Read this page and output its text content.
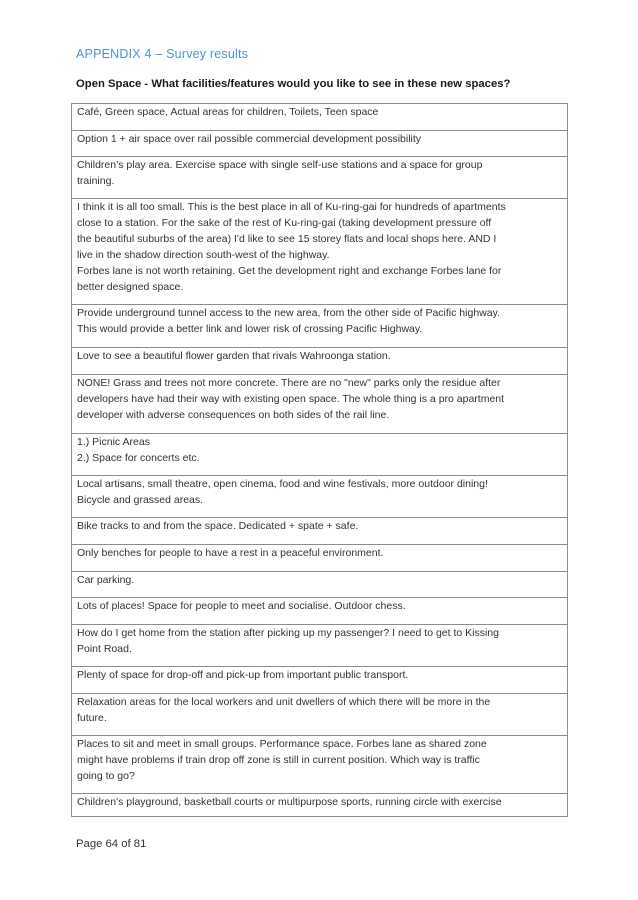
APPENDIX 4 – Survey results
Open Space - What facilities/features would you like to see in these new spaces?
Café, Green space, Actual areas for children, Toilets, Teen space
Option 1 + air space over rail possible commercial development possibility
Children’s play area. Exercise space with single self-use stations and a space for group
training.
I think it is all too small. This is the best place in all of Ku-ring-gai for hundreds of apartments
close to a station. For the sake of the rest of Ku-ring-gai (taking development pressure off
the beautiful suburbs of the area) I'd like to see 15 storey flats and local shops here. AND I
live in the shadow direction south-west of the highway.
Forbes lane is not worth retaining. Get the development right and exchange Forbes lane for
better designed space.
Provide underground tunnel access to the new area, from the other side of Pacific highway.
This would provide a better link and lower risk of crossing Pacific Highway.
Love to see a beautiful flower garden that rivals Wahroonga station.
NONE! Grass and trees not more concrete. There are no "new" parks only the residue after
developers have had their way with existing open space. The whole thing is a pro apartment
developer with adverse consequences on both sides of the rail line.
1.) Picnic Areas
2.) Space for concerts etc.
Local artisans, small theatre, open cinema, food and wine festivals, more outdoor dining!
Bicycle and grassed areas.
Bike tracks to and from the space. Dedicated + spate + safe.
Only benches for people to have a rest in a peaceful environment.
Car parking.
Lots of places! Space for people to meet and socialise. Outdoor chess.
How do I get home from the station after picking up my passenger? I need to get to Kissing
Point Road.
Plenty of space for drop-off and pick-up from important public transport.
Relaxation areas for the local workers and unit dwellers of which there will be more in the
future.
Places to sit and meet in small groups. Performance space. Forbes lane as shared zone
might have problems if train drop off zone is still in current position. Which way is traffic
going to go?
Children's playground, basketball courts or multipurpose sports, running circle with exercise
Page 64 of 81
